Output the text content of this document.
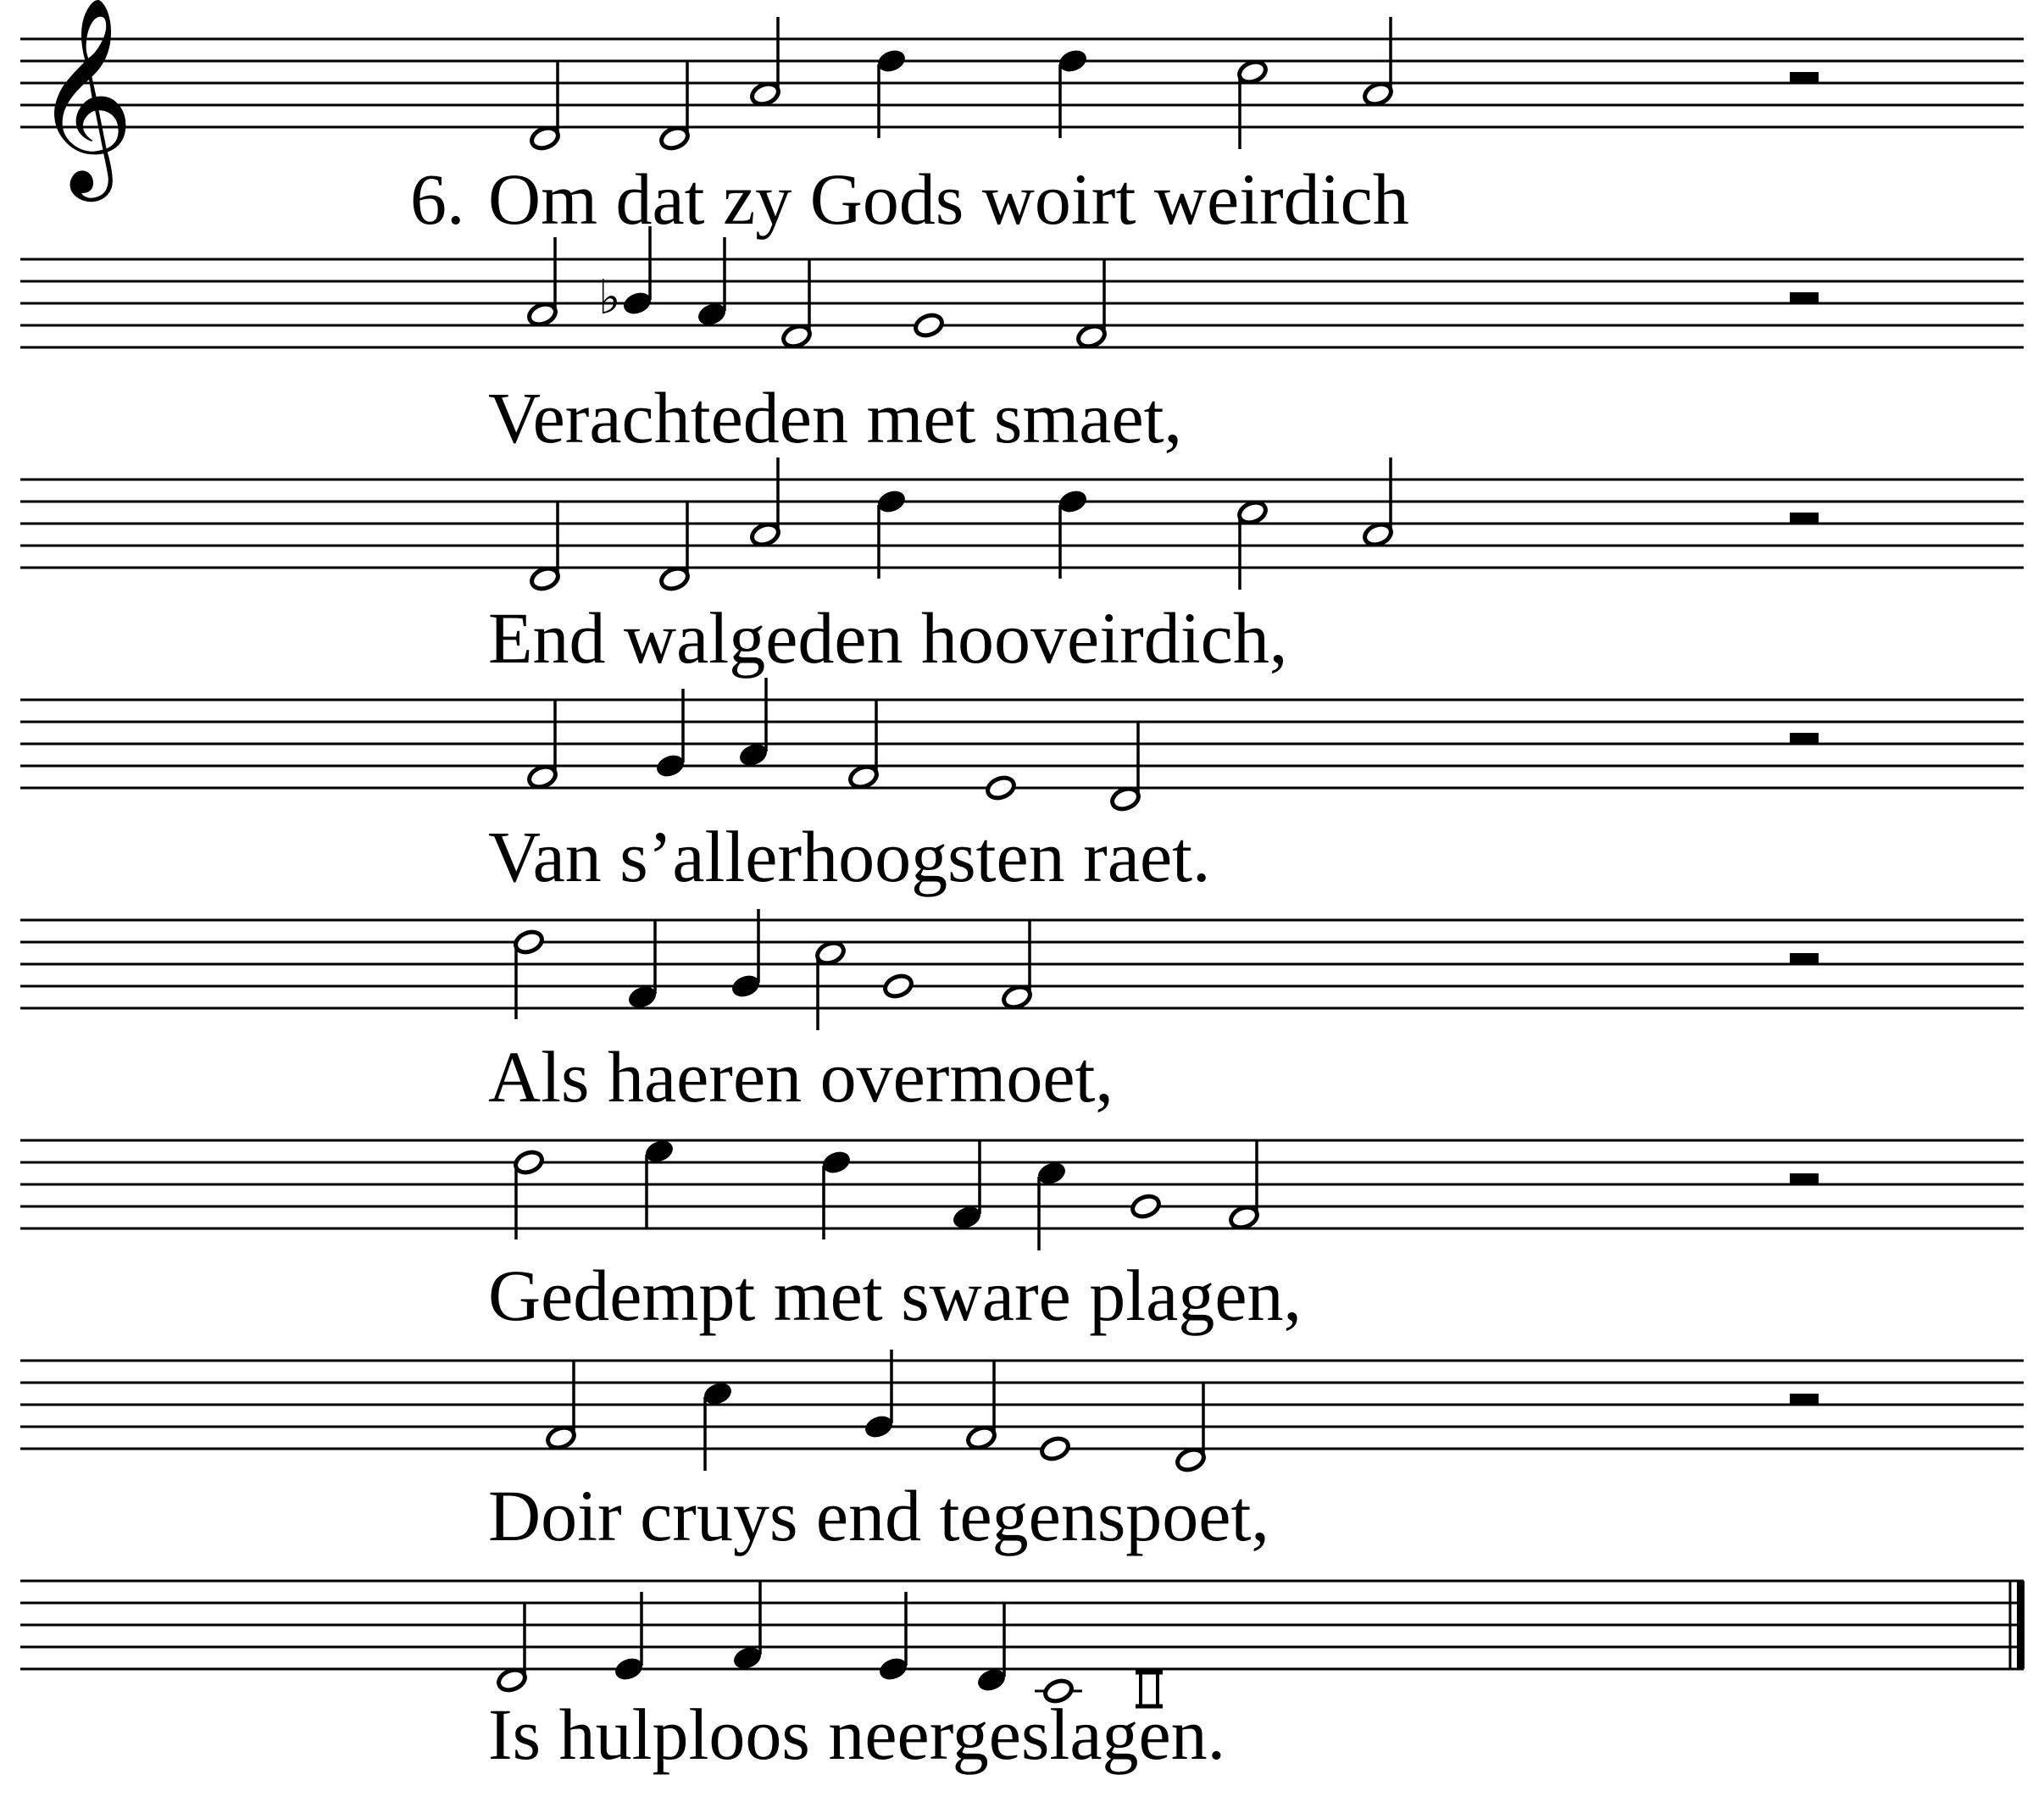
𝄞
♭
6. Om dat zy Gods woirt weirdich
Verachteden met smaet,
End walgeden hooveirdich,
Van s’allerhoogsten raet.
Als haeren overmoet,
Gedempt met sware plagen,
Doir cruys end tegenspoet,
Is hulploos neergeslagen.
